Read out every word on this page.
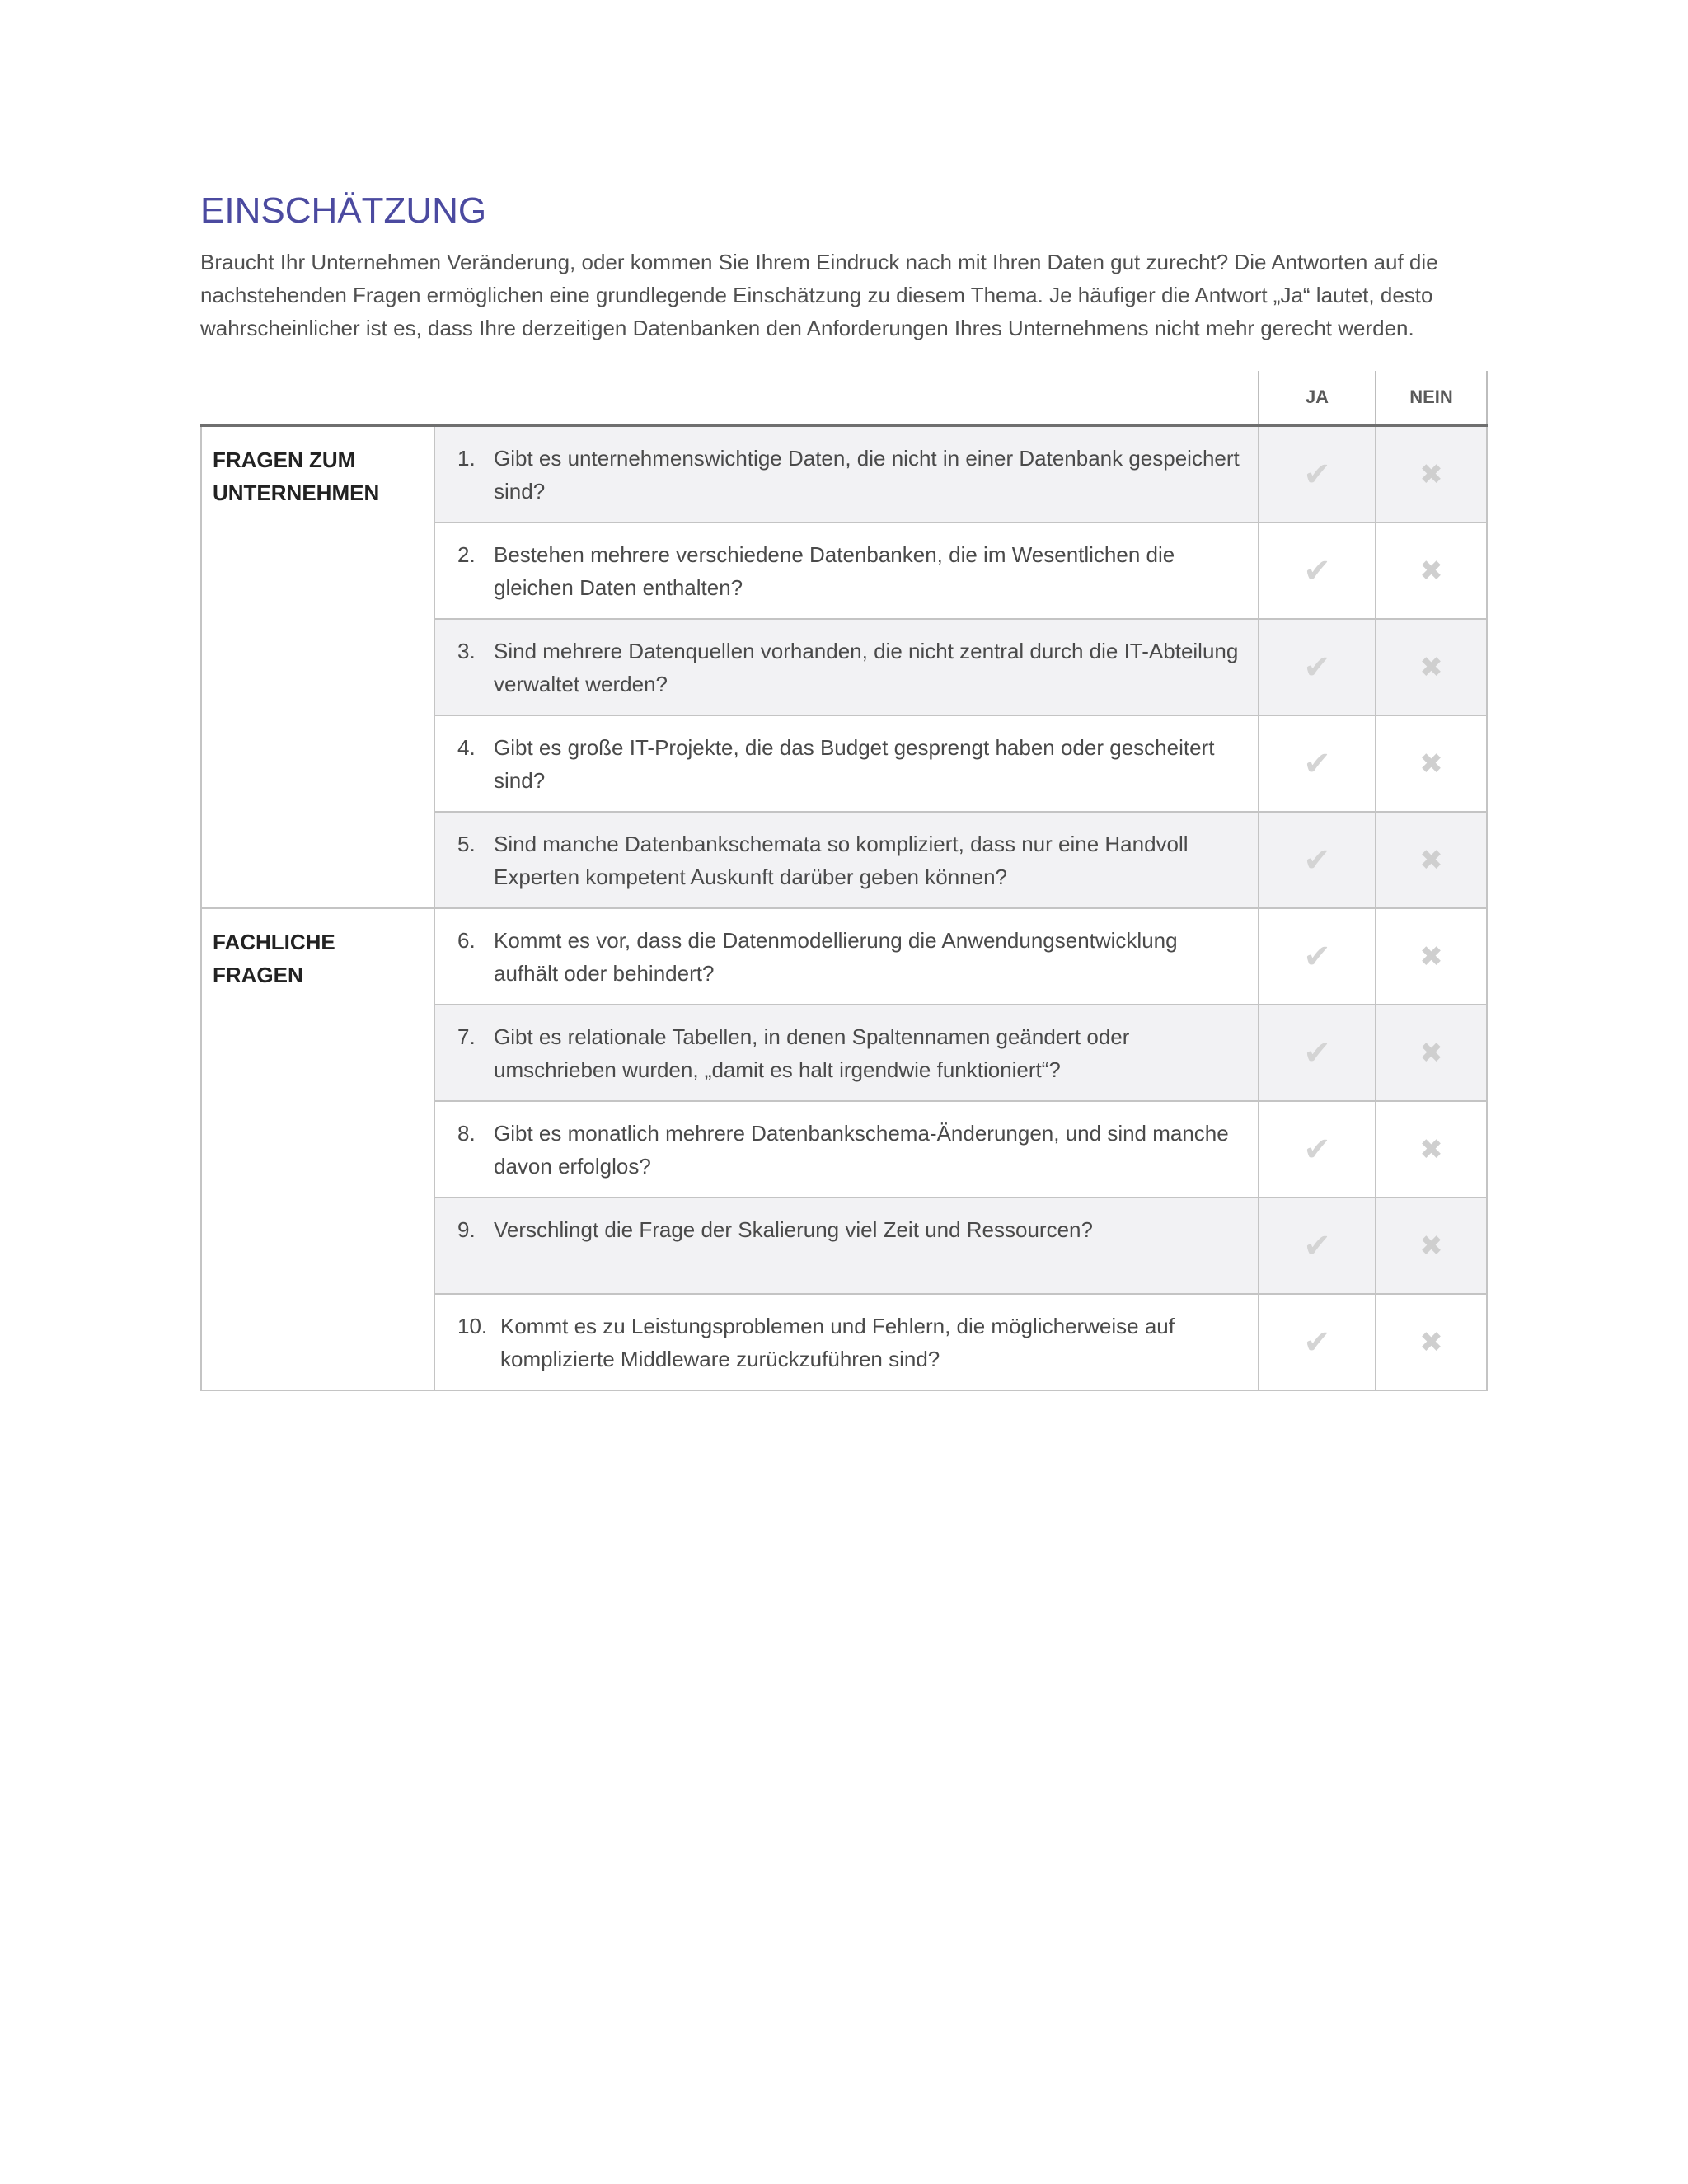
EINSCHÄTZUNG

Braucht Ihr Unternehmen Veränderung, oder kommen Sie Ihrem Eindruck nach mit Ihren Daten gut zurecht? Die Antworten auf die nachstehenden Fragen ermöglichen eine grundlegende Einschätzung zu diesem Thema. Je häufiger die Antwort „Ja“ lautet, desto wahrscheinlicher ist es, dass Ihre derzeitigen Datenbanken den Anforderungen Ihres Unternehmens nicht mehr gerecht werden.

		JA	NEIN
FRAGEN ZUM UNTERNEHMEN	1. Gibt es unternehmenswichtige Daten, die nicht in einer Datenbank gespeichert sind?	✔	✖

	2. Bestehen mehrere verschiedene Datenbanken, die im Wesentlichen die gleichen Daten enthalten?	✔	✖

	3. Sind mehrere Datenquellen vorhanden, die nicht zentral durch die IT-Abteilung verwaltet werden?	✔	✖

	4. Gibt es große IT-Projekte, die das Budget gesprengt haben oder gescheitert sind?	✔	✖

	5. Sind manche Datenbankschemata so kompliziert, dass nur eine Handvoll Experten kompetent Auskunft darüber geben können?	✔	✖
FACHLICHE FRAGEN	6. Kommt es vor, dass die Datenmodellierung die Anwendungsentwicklung aufhält oder behindert?	✔	✖

	7. Gibt es relationale Tabellen, in denen Spaltennamen geändert oder umschrieben wurden, „damit es halt irgendwie funktioniert“?	✔	✖

	8. Gibt es monatlich mehrere Datenbankschema-Änderungen, und sind manche davon erfolglos?	✔	✖

	9. Verschlingt die Frage der Skalierung viel Zeit und Ressourcen?	✔	✖

	10. Kommt es zu Leistungsproblemen und Fehlern, die möglicherweise auf komplizierte Middleware zurückzuführen sind?	✔	✖
